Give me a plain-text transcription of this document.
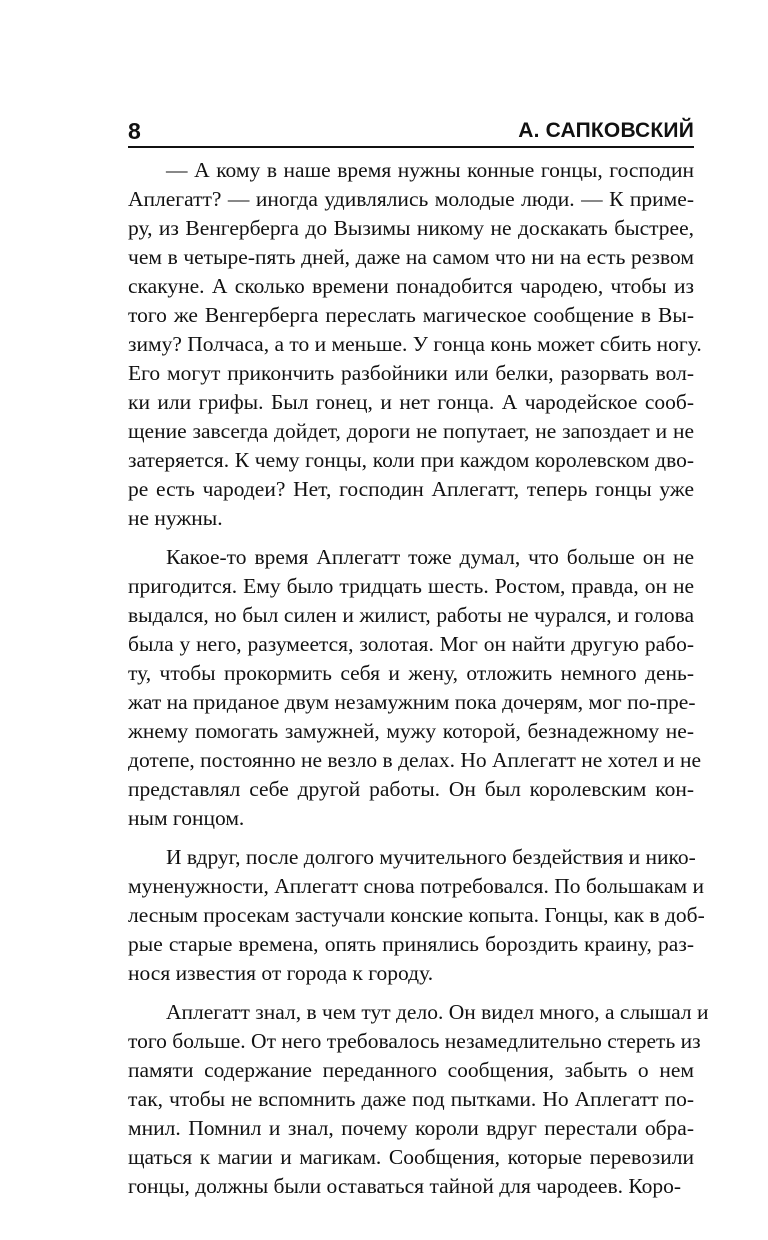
8	А. САПКОВСКИЙ
— А кому в наше время нужны конные гонцы, господин
Аплегатт? — иногда удивлялись молодые люди. — К приме-
ру, из Венгерберга до Вызимы никому не доскакать быстрее,
чем в четыре-пять дней, даже на самом что ни на есть резвом
скакуне. А сколько времени понадобится чародею, чтобы из
того же Венгерберга переслать магическое сообщение в Вы-
зиму? Полчаса, а то и меньше. У гонца конь может сбить ногу.
Его могут прикончить разбойники или белки, разорвать вол-
ки или грифы. Был гонец, и нет гонца. А чародейское сооб-
щение завсегда дойдет, дороги не попутает, не запоздает и не
затеряется. К чему гонцы, коли при каждом королевском дво-
ре есть чародеи? Нет, господин Аплегатт, теперь гонцы уже
не нужны.
Какое-то время Аплегатт тоже думал, что больше он не
пригодится. Ему было тридцать шесть. Ростом, правда, он не
выдался, но был силен и жилист, работы не чурался, и голова
была у него, разумеется, золотая. Мог он найти другую рабо-
ту, чтобы прокормить себя и жену, отложить немного день-
жат на приданое двум незамужним пока дочерям, мог по-пре-
жнему помогать замужней, мужу которой, безнадежному не-
дотепе, постоянно не везло в делах. Но Аплегатт не хотел и не
представлял себе другой работы. Он был королевским кон-
ным гонцом.
И вдруг, после долгого мучительного бездействия и нико-
муненужности, Аплегатт снова потребовался. По большакам и
лесным просекам застучали конские копыта. Гонцы, как в доб-
рые старые времена, опять принялись бороздить краину, раз-
нося известия от города к городу.
Аплегатт знал, в чем тут дело. Он видел много, а слышал и
того больше. От него требовалось незамедлительно стереть из
памяти содержание переданного сообщения, забыть о нем
так, чтобы не вспомнить даже под пытками. Но Аплегатт по-
мнил. Помнил и знал, почему короли вдруг перестали обра-
щаться к магии и магикам. Сообщения, которые перевозили
гонцы, должны были оставаться тайной для чародеев. Коро-
